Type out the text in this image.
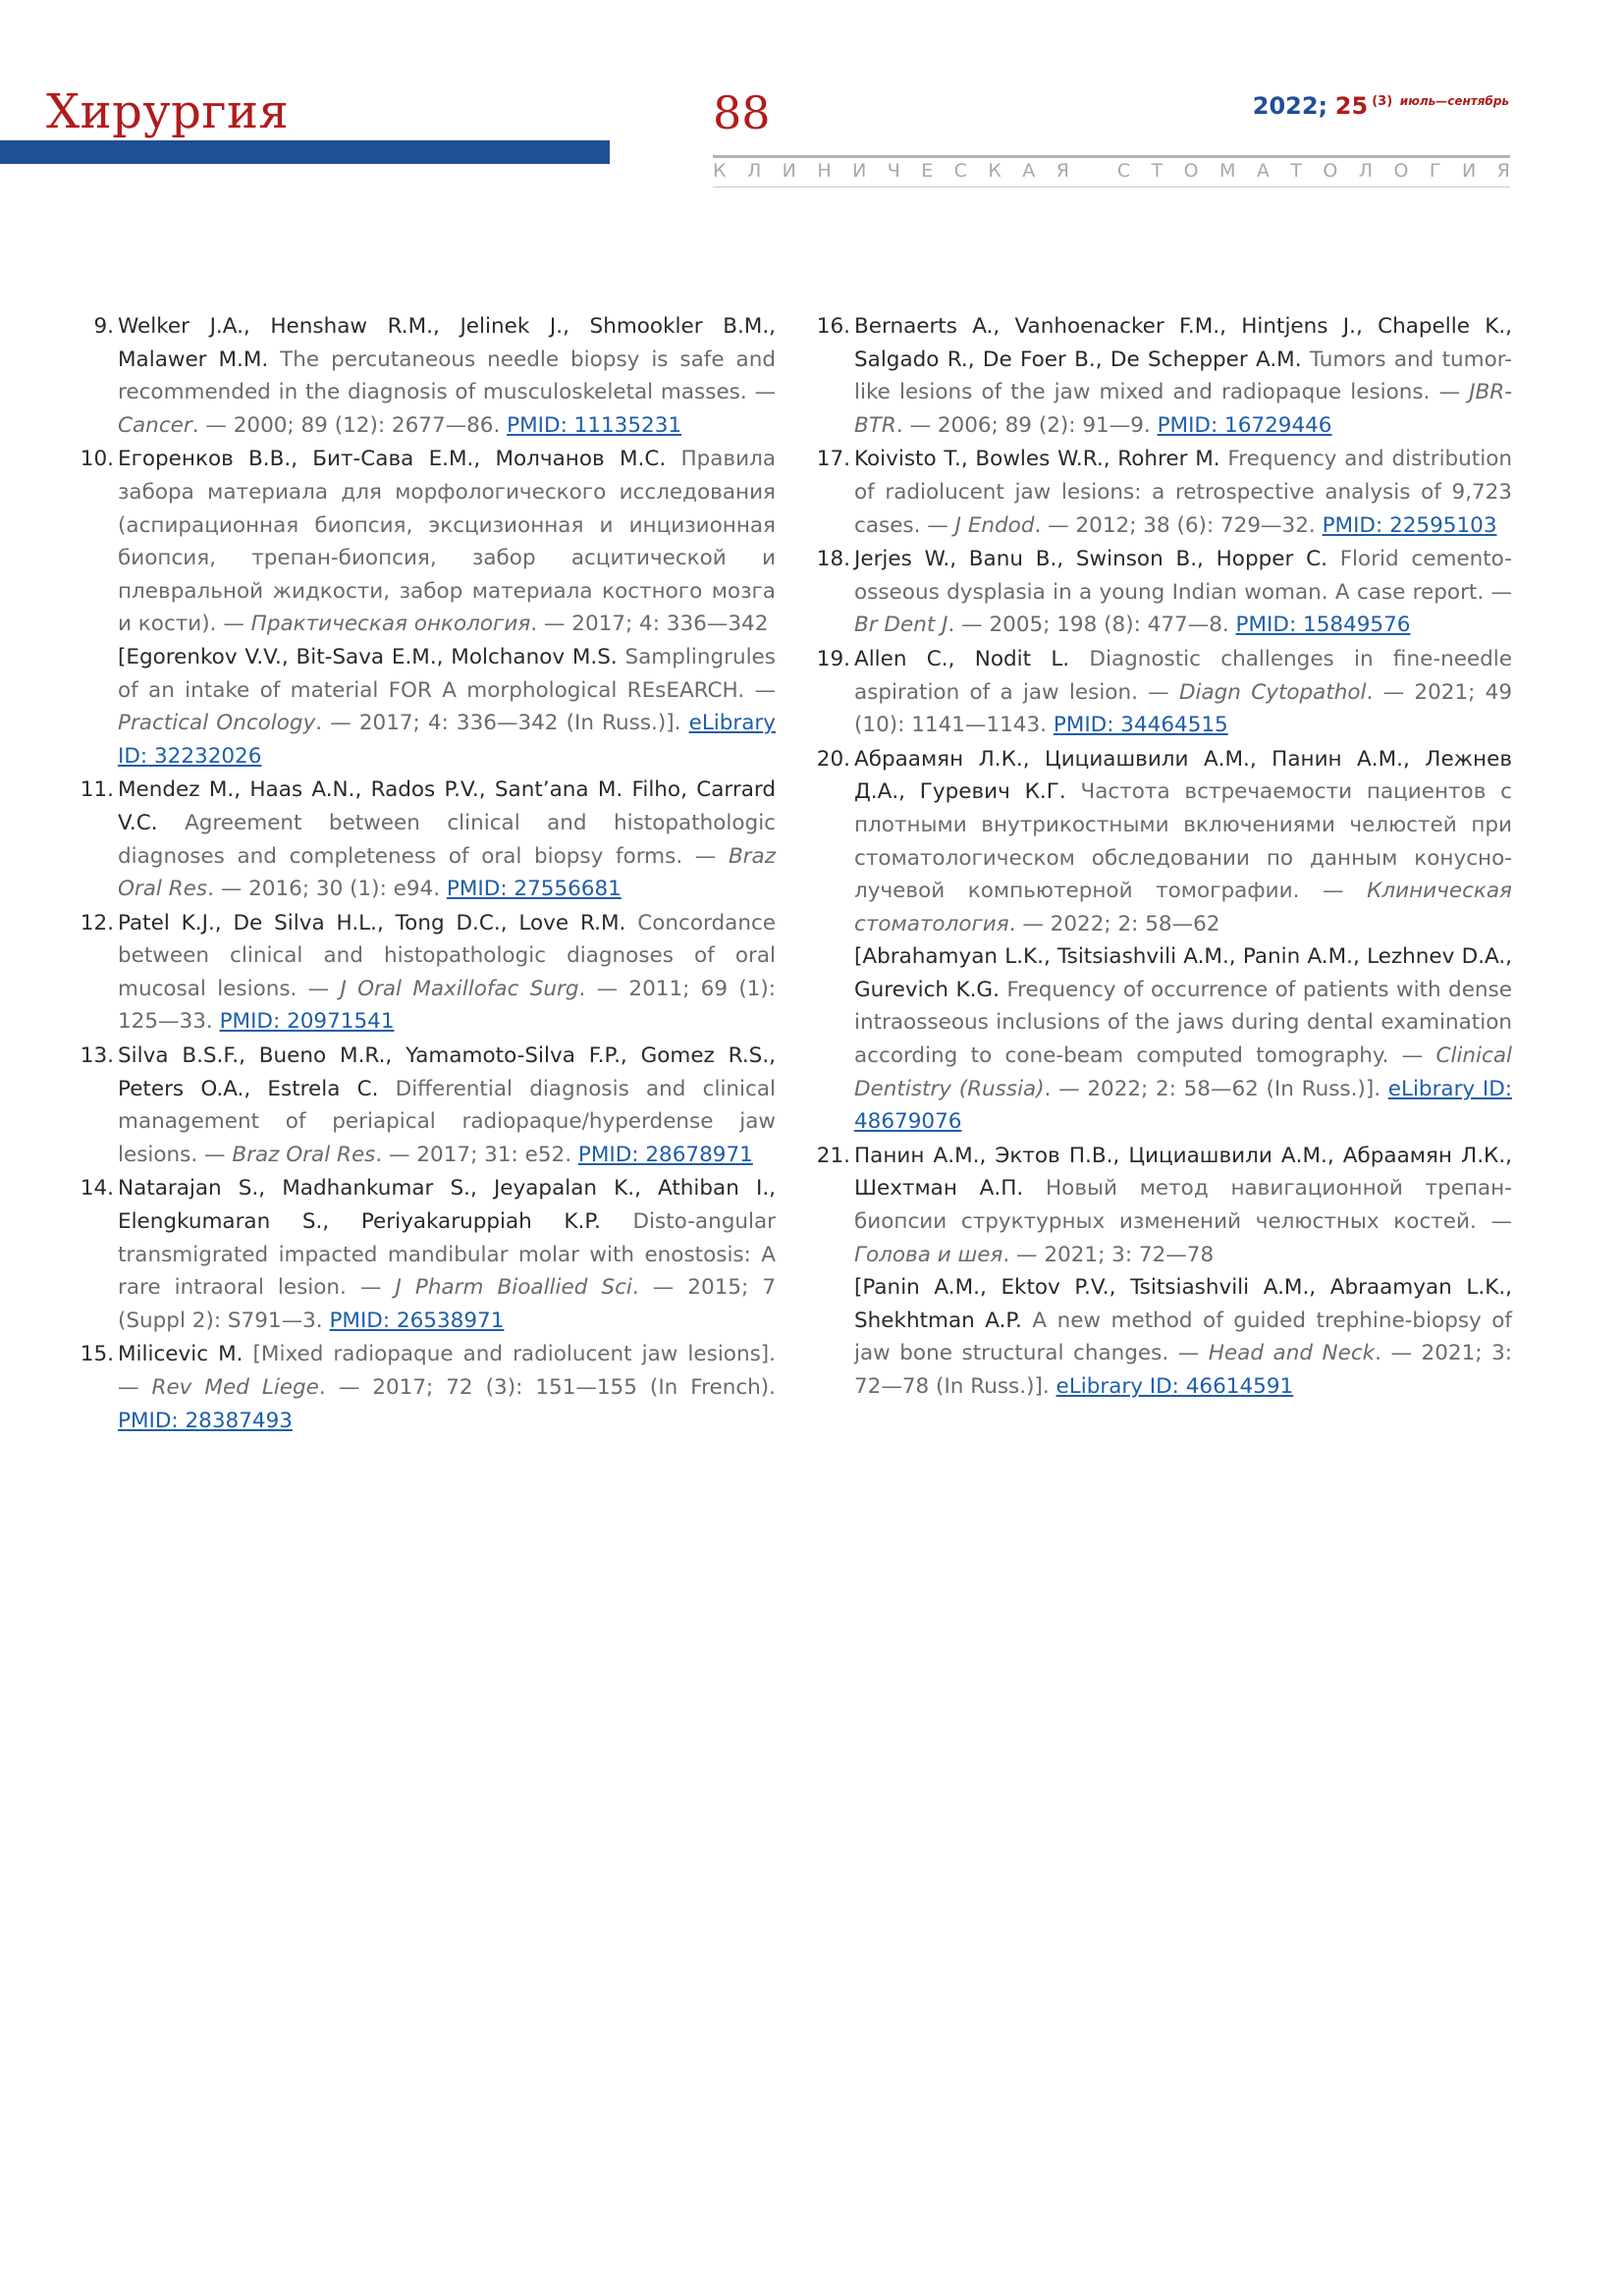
Хирургия	88	2022; 25 $^{(3)}$ $^{июль—сентябрь}$
К Л И Н И Ч Е С К А Я
	С Т О М А Т О Л О Г И Я
9. Welker J.A., Henshaw R.M., Jelinek J., Shmookler B.M., Malawer M.M. The percutaneous needle biopsy is safe and recommended in the diagnosis of musculoskeletal masses. — Cancer. — 2000; 89 (12): 2677—86. PMID: 11135231
10. Егоренков В.В., Бит-Сава Е.М., Молчанов М.С. Правила забора материала для морфологического исследования (аспирационная биопсия, эксцизионная и инцизионная биопсия, трепан-биопсия, забор асцитической и плевральной жидкости, забор материала костного мозга и кости). — Практическая онкология. — 2017; 4: 336—342
[Egorenkov V.V., Bit-Sava E.M., Molchanov M.S. Samplingrules of an intake of material FOR A morphological REsEARCH. — Practical Oncology. — 2017; 4: 336—342 (In Russ.)]. eLibrary ID: 32232026
11. Mendez M., Haas A.N., Rados P.V., Sant’ana M. Filho, Carrard V.C. Agreement between clinical and histopathologic diagnoses and completeness of oral biopsy forms. — Braz Oral Res. — 2016; 30 (1): e94. PMID: 27556681
12. Patel K.J., De Silva H.L., Tong D.C., Love R.M. Concordance between clinical and histopathologic diagnoses of oral mucosal lesions. — J Oral Maxillofac Surg. — 2011; 69 (1): 125—33. PMID: 20971541
13. Silva B.S.F., Bueno M.R., Yamamoto-Silva F.P., Gomez R.S., Peters O.A., Estrela C. Differential diagnosis and clinical management of periapical radiopaque/hyperdense jaw lesions. — Braz Oral Res. — 2017; 31: e52. PMID: 28678971
14. Natarajan S., Madhankumar S., Jeyapalan K., Athiban I., Elengkumaran S., Periyakaruppiah K.P. Disto-angular transmigrated impacted mandibular molar with enostosis: A rare intraoral lesion. — J Pharm Bioallied Sci. — 2015; 7 (Suppl 2): S791—3. PMID: 26538971
15. Milicevic M. [Mixed radiopaque and radiolucent jaw lesions]. — Rev Med Liege. — 2017; 72 (3): 151—155 (In French). PMID: 28387493
16. Bernaerts A., Vanhoenacker F.M., Hintjens J., Chapelle K., Salgado R., De Foer B., De Schepper A.M. Tumors and tumor-like lesions of the jaw mixed and radiopaque lesions. — JBR-BTR. — 2006; 89 (2): 91—9. PMID: 16729446
17. Koivisto T., Bowles W.R., Rohrer M. Frequency and distribution of radiolucent jaw lesions: a retrospective analysis of 9,723 cases. — J Endod. — 2012; 38 (6): 729—32. PMID: 22595103
18. Jerjes W., Banu B., Swinson B., Hopper C. Florid cemento-osseous dysplasia in a young Indian woman. A case report. — Br Dent J. — 2005; 198 (8): 477—8. PMID: 15849576
19. Allen C., Nodit L. Diagnostic challenges in fine-needle aspiration of a jaw lesion. — Diagn Cytopathol. — 2021; 49 (10): 1141—1143. PMID: 34464515
20. Абраамян Л.К., Цициашвили А.М., Панин А.М., Лежнев Д.А., Гуревич К.Г. Частота встречаемости пациентов с плотными внутрикостными включениями челюстей при стоматологическом обследовании по данным конусно-лучевой компьютерной томографии. — Клиническая стоматология. — 2022; 2: 58—62
[Abrahamyan L.K., Tsitsiashvili A.M., Panin A.M., Lezhnev D.A., Gurevich K.G. Frequency of occurrence of patients with dense intraosseous inclusions of the jaws during dental examination according to cone-beam computed tomography. — Clinical Dentistry (Russia). — 2022; 2: 58—62 (In Russ.)]. eLibrary ID: 48679076
21. Панин А.М., Эктов П.В., Цициашвили А.М., Абраамян Л.К., Шехтман А.П. Новый метод навигационной трепан-биопсии структурных изменений челюстных костей. — Голова и шея. — 2021; 3: 72—78
[Panin A.M., Ektov P.V., Tsitsiashvili A.M., Abraamyan L.K., Shekhtman A.P. A new method of guided trephine-biopsy of jaw bone structural changes. — Head and Neck. — 2021; 3: 72—78 (In Russ.)]. eLibrary ID: 46614591
